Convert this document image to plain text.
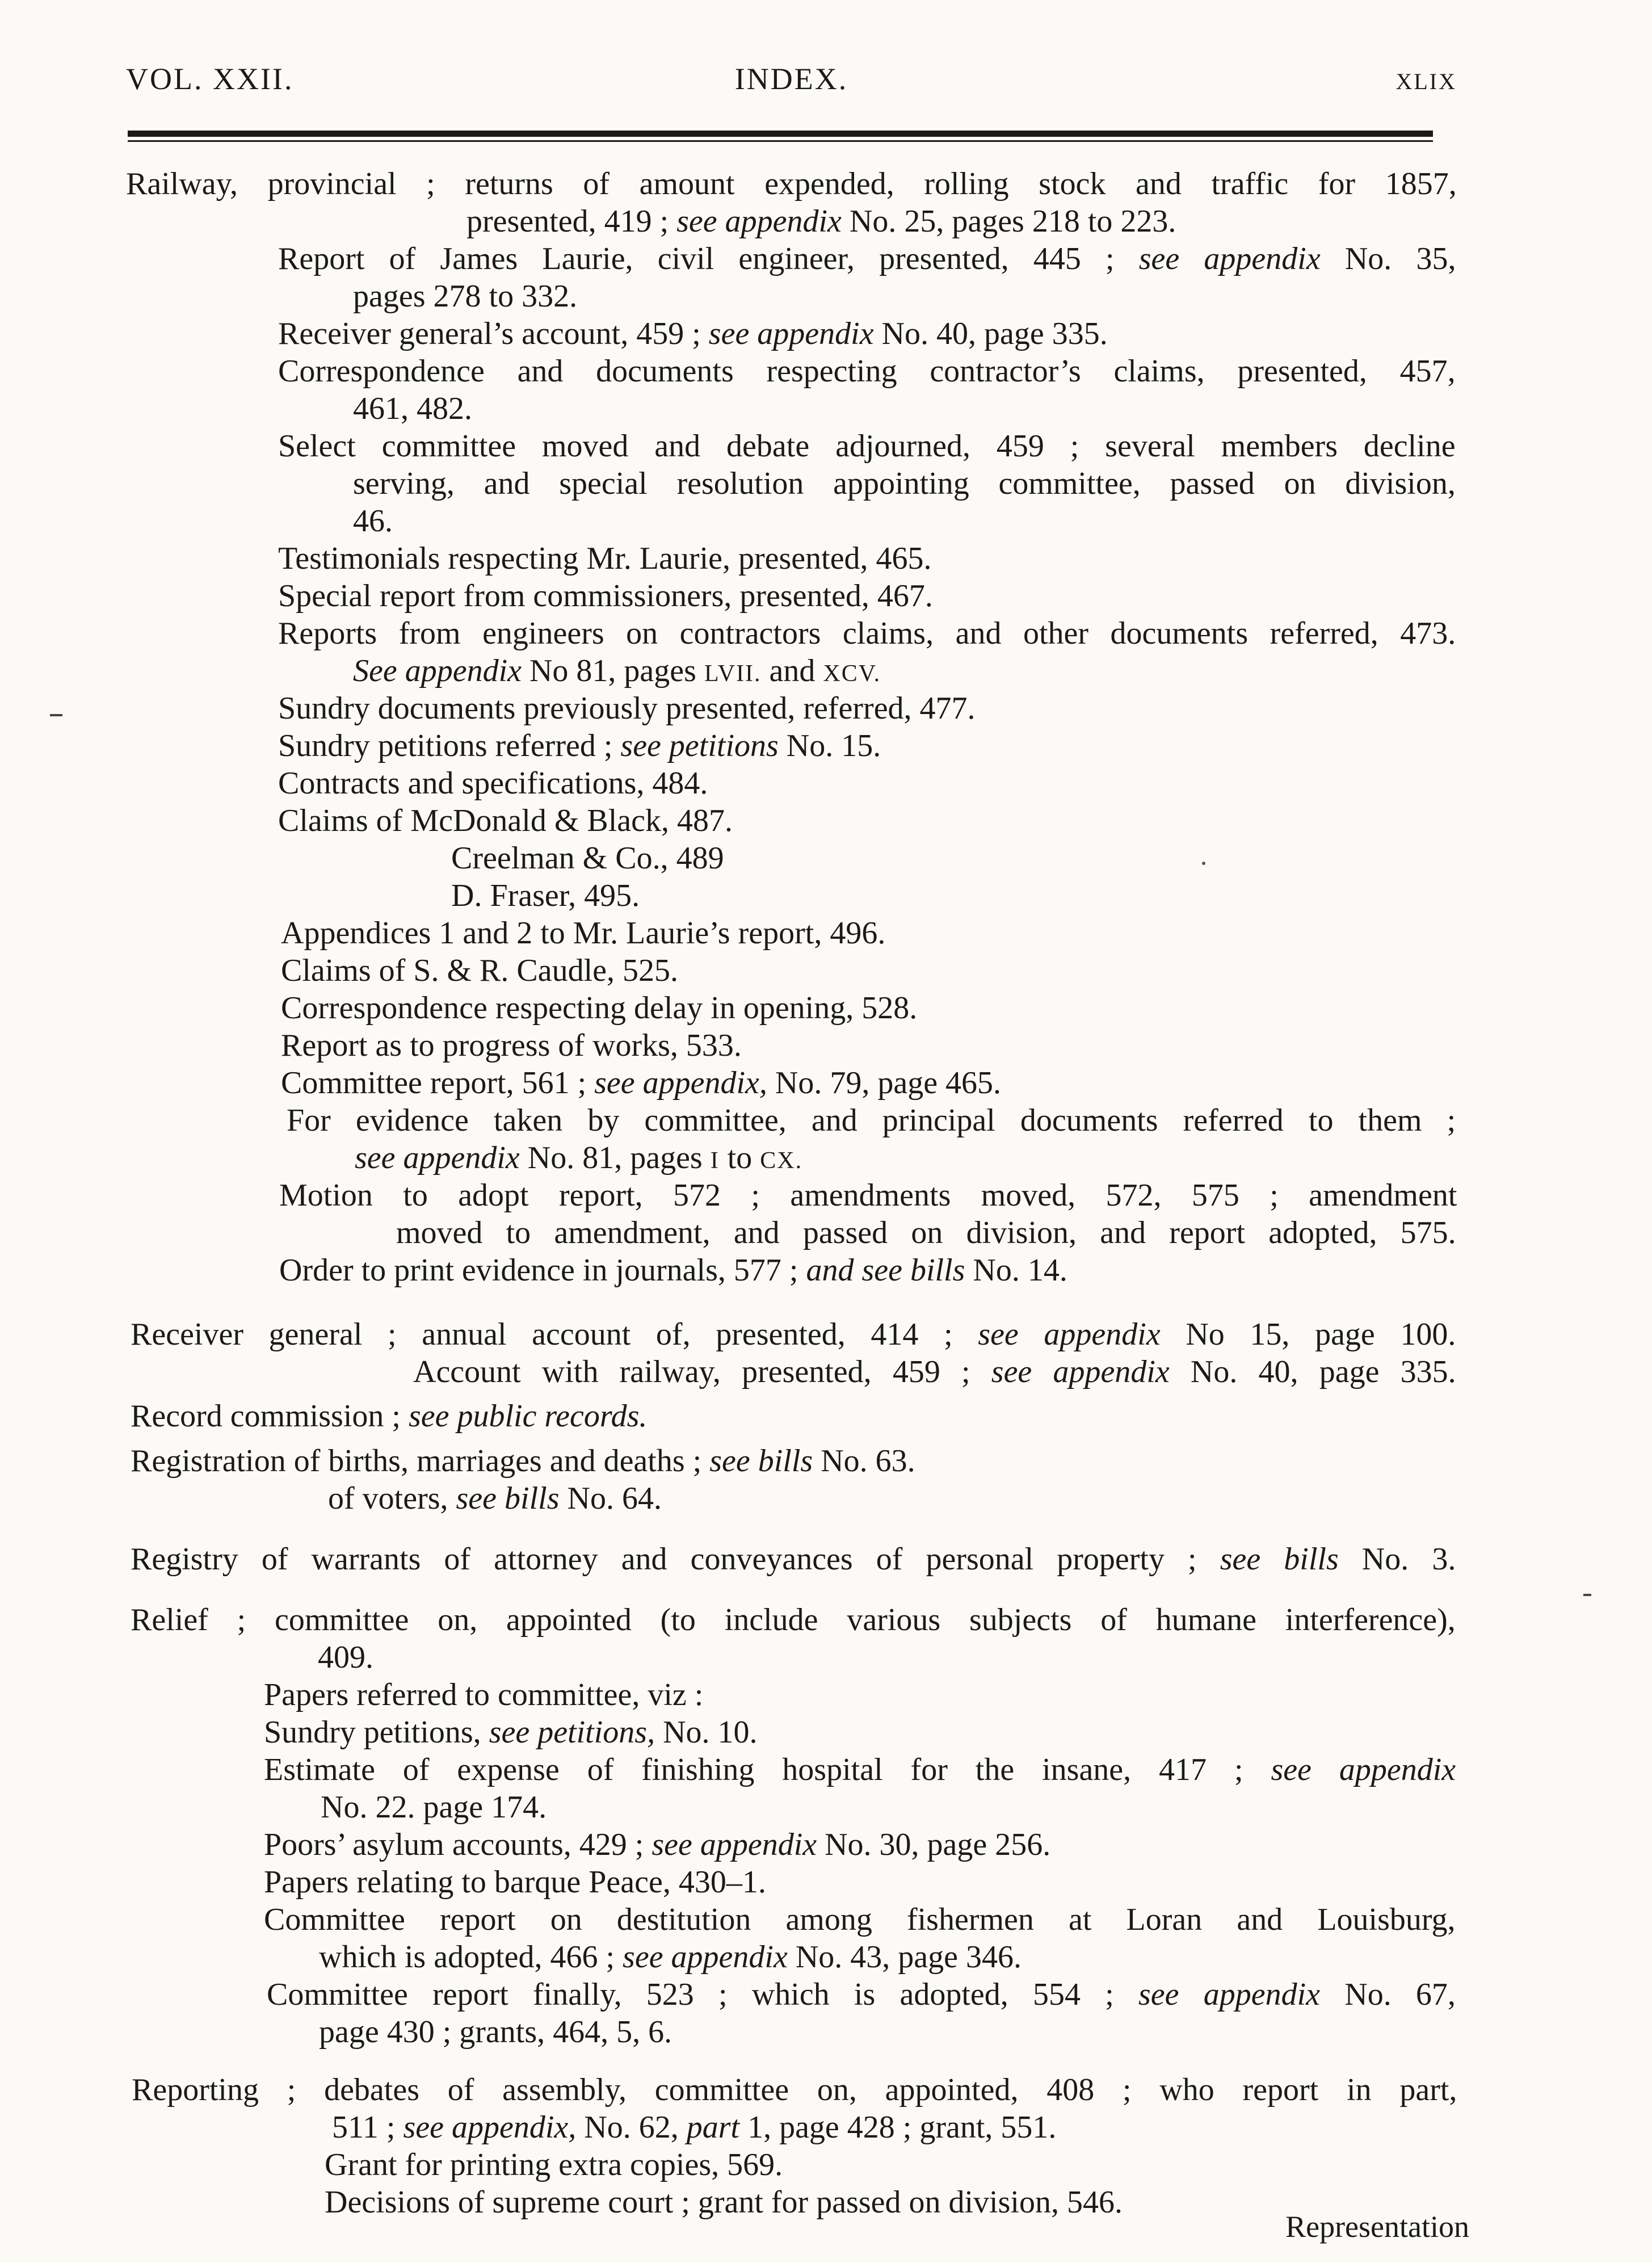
VOL. XXII.	INDEX.	XLIX
Railway, provincial ; returns of amount expended, rolling stock and traffic for 1857,
presented, 419 ; see appendix No. 25, pages 218 to 223.
Report of James Laurie, civil engineer, presented, 445 ; see appendix No. 35,
pages 278 to 332.
Receiver general’s account, 459 ; see appendix No. 40, page 335.
Correspondence and documents respecting contractor’s claims, presented, 457,
461, 482.
Select committee moved and debate adjourned, 459 ; several members decline
serving, and special resolution appointing committee, passed on division,
46.
Testimonials respecting Mr. Laurie, presented, 465.
Special report from commissioners, presented, 467.
Reports from engineers on contractors claims, and other documents referred, 473.
See appendix No 81, pages LVII. and XCV.
Sundry documents previously presented, referred, 477.
Sundry petitions referred ; see petitions No. 15.
Contracts and specifications, 484.
Claims of McDonald & Black, 487.
Creelman & Co., 489
D. Fraser, 495.
Appendices 1 and 2 to Mr. Laurie’s report, 496.
Claims of S. & R. Caudle, 525.
Correspondence respecting delay in opening, 528.
Report as to progress of works, 533.
Committee report, 561 ; see appendix, No. 79, page 465.
For evidence taken by committee, and principal documents referred to them ;
see appendix No. 81, pages I to CX.
Motion to adopt report, 572 ; amendments moved, 572, 575 ; amendment
moved to amendment, and passed on division, and report adopted, 575.
Order to print evidence in journals, 577 ; and see bills No. 14.
Receiver general ; annual account of, presented, 414 ; see appendix No 15, page 100.
Account with railway, presented, 459 ; see appendix No. 40, page 335.
Record commission ; see public records.
Registration of births, marriages and deaths ; see bills No. 63.
of voters, see bills No. 64.
Registry of warrants of attorney and conveyances of personal property ; see bills No. 3.
Relief ; committee on, appointed (to include various subjects of humane interference),
409.
Papers referred to committee, viz :
Sundry petitions, see petitions, No. 10.
Estimate of expense of finishing hospital for the insane, 417 ; see appendix
No. 22. page 174.
Poors’ asylum accounts, 429 ; see appendix No. 30, page 256.
Papers relating to barque Peace, 430–1.
Committee report on destitution among fishermen at Loran and Louisburg,
which is adopted, 466 ; see appendix No. 43, page 346.
Committee report finally, 523 ; which is adopted, 554 ; see appendix No. 67,
page 430 ; grants, 464, 5, 6.
Reporting ; debates of assembly, committee on, appointed, 408 ; who report in part,
511 ; see appendix, No. 62, part 1, page 428 ; grant, 551.
Grant for printing extra copies, 569.
Decisions of supreme court ; grant for passed on division, 546.
Representation
